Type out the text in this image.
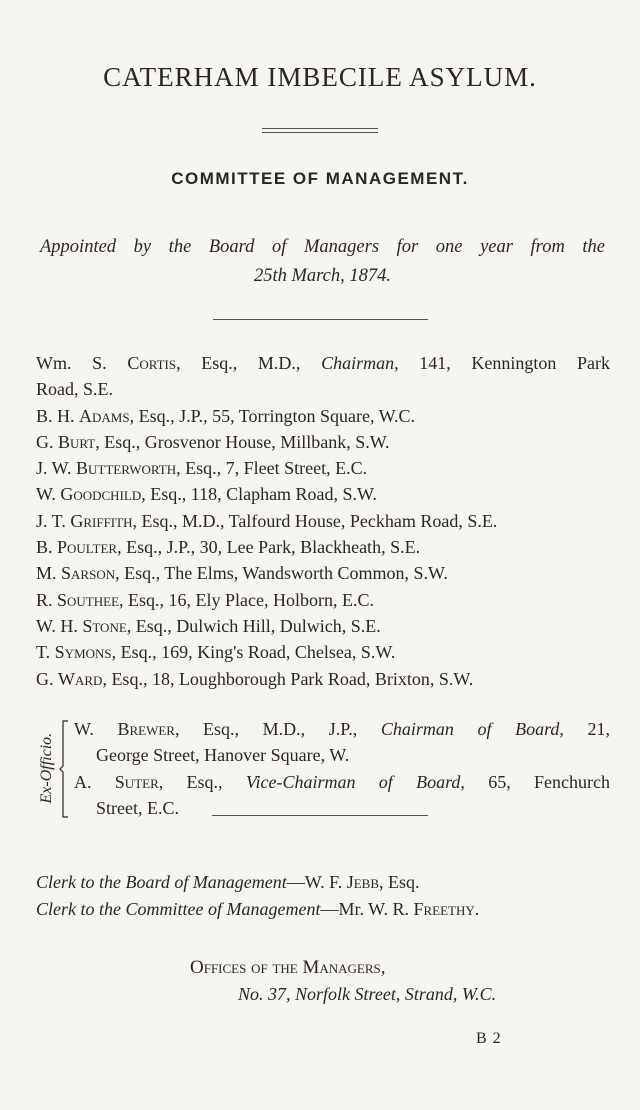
CATERHAM IMBECILE ASYLUM.
COMMITTEE OF MANAGEMENT.
Appointed by the Board of Managers for one year from the
25th March, 1874.
Wm. S. Cortis, Esq., M.D., Chairman, 141, Kennington Park
Road, S.E.
B. H. Adams, Esq., J.P., 55, Torrington Square, W.C.
G. Burt, Esq., Grosvenor House, Millbank, S.W.
J. W. Butterworth, Esq., 7, Fleet Street, E.C.
W. Goodchild, Esq., 118, Clapham Road, S.W.
J. T. Griffith, Esq., M.D., Talfourd House, Peckham Road, S.E.
B. Poulter, Esq., J.P., 30, Lee Park, Blackheath, S.E.
M. Sarson, Esq., The Elms, Wandsworth Common, S.W.
R. Southee, Esq., 16, Ely Place, Holborn, E.C.
W. H. Stone, Esq., Dulwich Hill, Dulwich, S.E.
T. Symons, Esq., 169, King's Road, Chelsea, S.W.
G. Ward, Esq., 18, Loughborough Park Road, Brixton, S.W.
Ex-Officio.
W. Brewer, Esq., M.D., J.P., Chairman of Board, 21,
George Street, Hanover Square, W.
A. Suter, Esq., Vice-Chairman of Board, 65, Fenchurch
Street, E.C.
Clerk to the Board of Management—W. F. Jebb, Esq.
Clerk to the Committee of Management—Mr. W. R. Freethy.
Offices of the Managers,
No. 37, Norfolk Street, Strand, W.C.
B 2
